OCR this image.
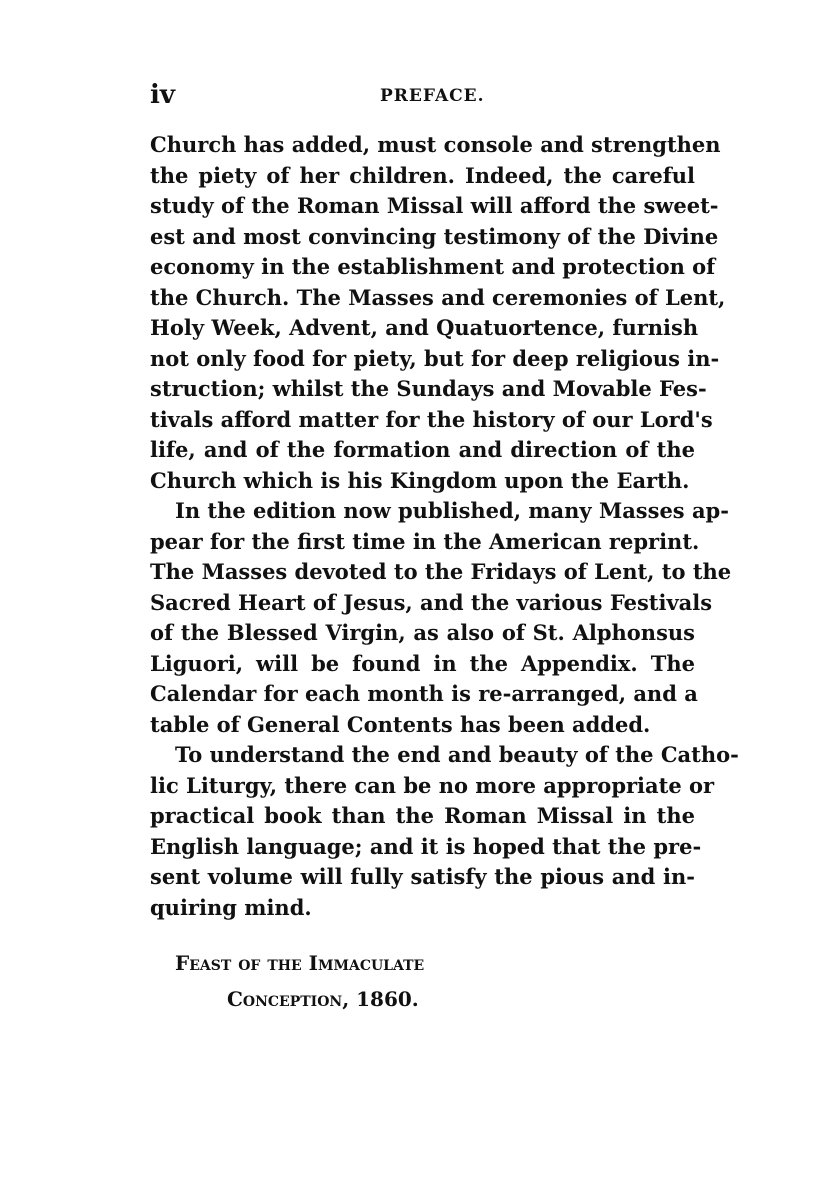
iv	PREFACE.
Church has added, must console and strengthen
the piety of her children. Indeed, the careful
study of the Roman Missal will afford the sweet-
est and most convincing testimony of the Divine
economy in the establishment and protection of
the Church. The Masses and ceremonies of Lent,
Holy Week, Advent, and Quatuortence, furnish
not only food for piety, but for deep religious in-
struction; whilst the Sundays and Movable Fes-
tivals afford matter for the history of our Lord's
life, and of the formation and direction of the
Church which is his Kingdom upon the Earth.
In the edition now published, many Masses ap-
pear for the first time in the American reprint.
The Masses devoted to the Fridays of Lent, to the
Sacred Heart of Jesus, and the various Festivals
of the Blessed Virgin, as also of St. Alphonsus
Liguori, will be found in the Appendix. The
Calendar for each month is re-arranged, and a
table of General Contents has been added.
To understand the end and beauty of the Catho-
lic Liturgy, there can be no more appropriate or
practical book than the Roman Missal in the
English language; and it is hoped that the pre-
sent volume will fully satisfy the pious and in-
quiring mind.
Feast of the Immaculate
Conception, 1860.
